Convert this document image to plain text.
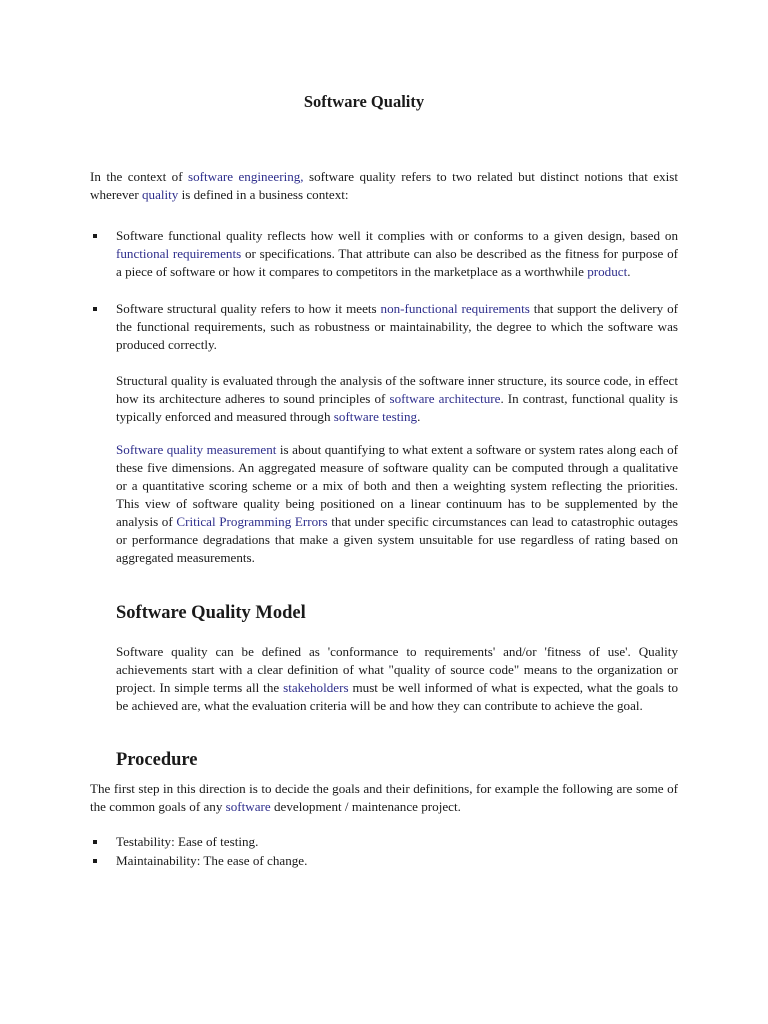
Software Quality
In the context of software engineering, software quality refers to two related but distinct notions that exist wherever quality is defined in a business context:
Software functional quality reflects how well it complies with or conforms to a given design, based on functional requirements or specifications. That attribute can also be described as the fitness for purpose of a piece of software or how it compares to competitors in the marketplace as a worthwhile product.
Software structural quality refers to how it meets non-functional requirements that support the delivery of the functional requirements, such as robustness or maintainability, the degree to which the software was produced correctly.
Structural quality is evaluated through the analysis of the software inner structure, its source code, in effect how its architecture adheres to sound principles of software architecture. In contrast, functional quality is typically enforced and measured through software testing.
Software quality measurement is about quantifying to what extent a software or system rates along each of these five dimensions. An aggregated measure of software quality can be computed through a qualitative or a quantitative scoring scheme or a mix of both and then a weighting system reflecting the priorities. This view of software quality being positioned on a linear continuum has to be supplemented by the analysis of Critical Programming Errors that under specific circumstances can lead to catastrophic outages or performance degradations that make a given system unsuitable for use regardless of rating based on aggregated measurements.
Software Quality Model
Software quality can be defined as 'conformance to requirements' and/or 'fitness of use'. Quality achievements start with a clear definition of what "quality of source code" means to the organization or project. In simple terms all the stakeholders must be well informed of what is expected, what the goals to be achieved are, what the evaluation criteria will be and how they can contribute to achieve the goal.
Procedure
The first step in this direction is to decide the goals and their definitions, for example the following are some of the common goals of any software development / maintenance project.
Testability: Ease of testing.
Maintainability: The ease of change.
